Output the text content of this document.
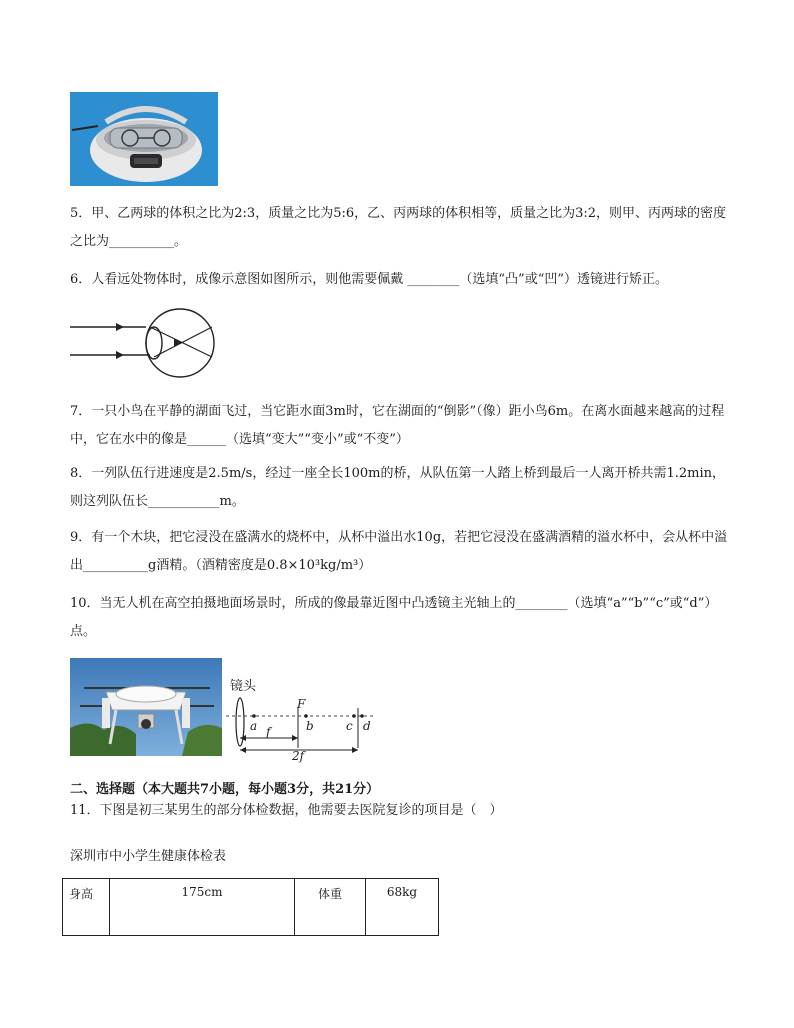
5．甲、乙两球的体积之比为2:3，质量之比为5:6，乙、丙两球的体积相等，质量之比为3:2，则甲、丙两球的密度之比为__________。

6．人看远处物体时，成像示意图如图所示，则他需要佩戴 ________（选填“凸”或“凹”）透镜进行矫正。

7．一只小鸟在平静的湖面飞过，当它距水面3m时，它在湖面的“倒影”（像）距小鸟6m。在离水面越来越高的过程中，它在水中的像是______（选填“变大”“变小”或“不变”）

8．一列队伍行进速度是2.5m/s，经过一座全长100m的桥，从队伍第一人踏上桥到最后一人离开桥共需1.2min，则这列队伍长___________m。

9．有一个木块，把它浸没在盛满水的烧杯中，从杯中溢出水10g，若把它浸没在盛满酒精的溢水杯中，会从杯中溢出__________g酒精。（酒精密度是0.8×10³kg/m³）

10．当无人机在高空拍摄地面场景时，所成的像最靠近图中凸透镜主光轴上的________（选填“a”“b”“c”或“d”）点。

镜头
F
a	b	c d
f
2f

二、选择题（本大题共7小题，每小题3分，共21分）

11．下图是初三某男生的部分体检数据，他需要去医院复诊的项目是（　）

深圳市中小学生健康体检表

身高	175cm	体重	68kg
